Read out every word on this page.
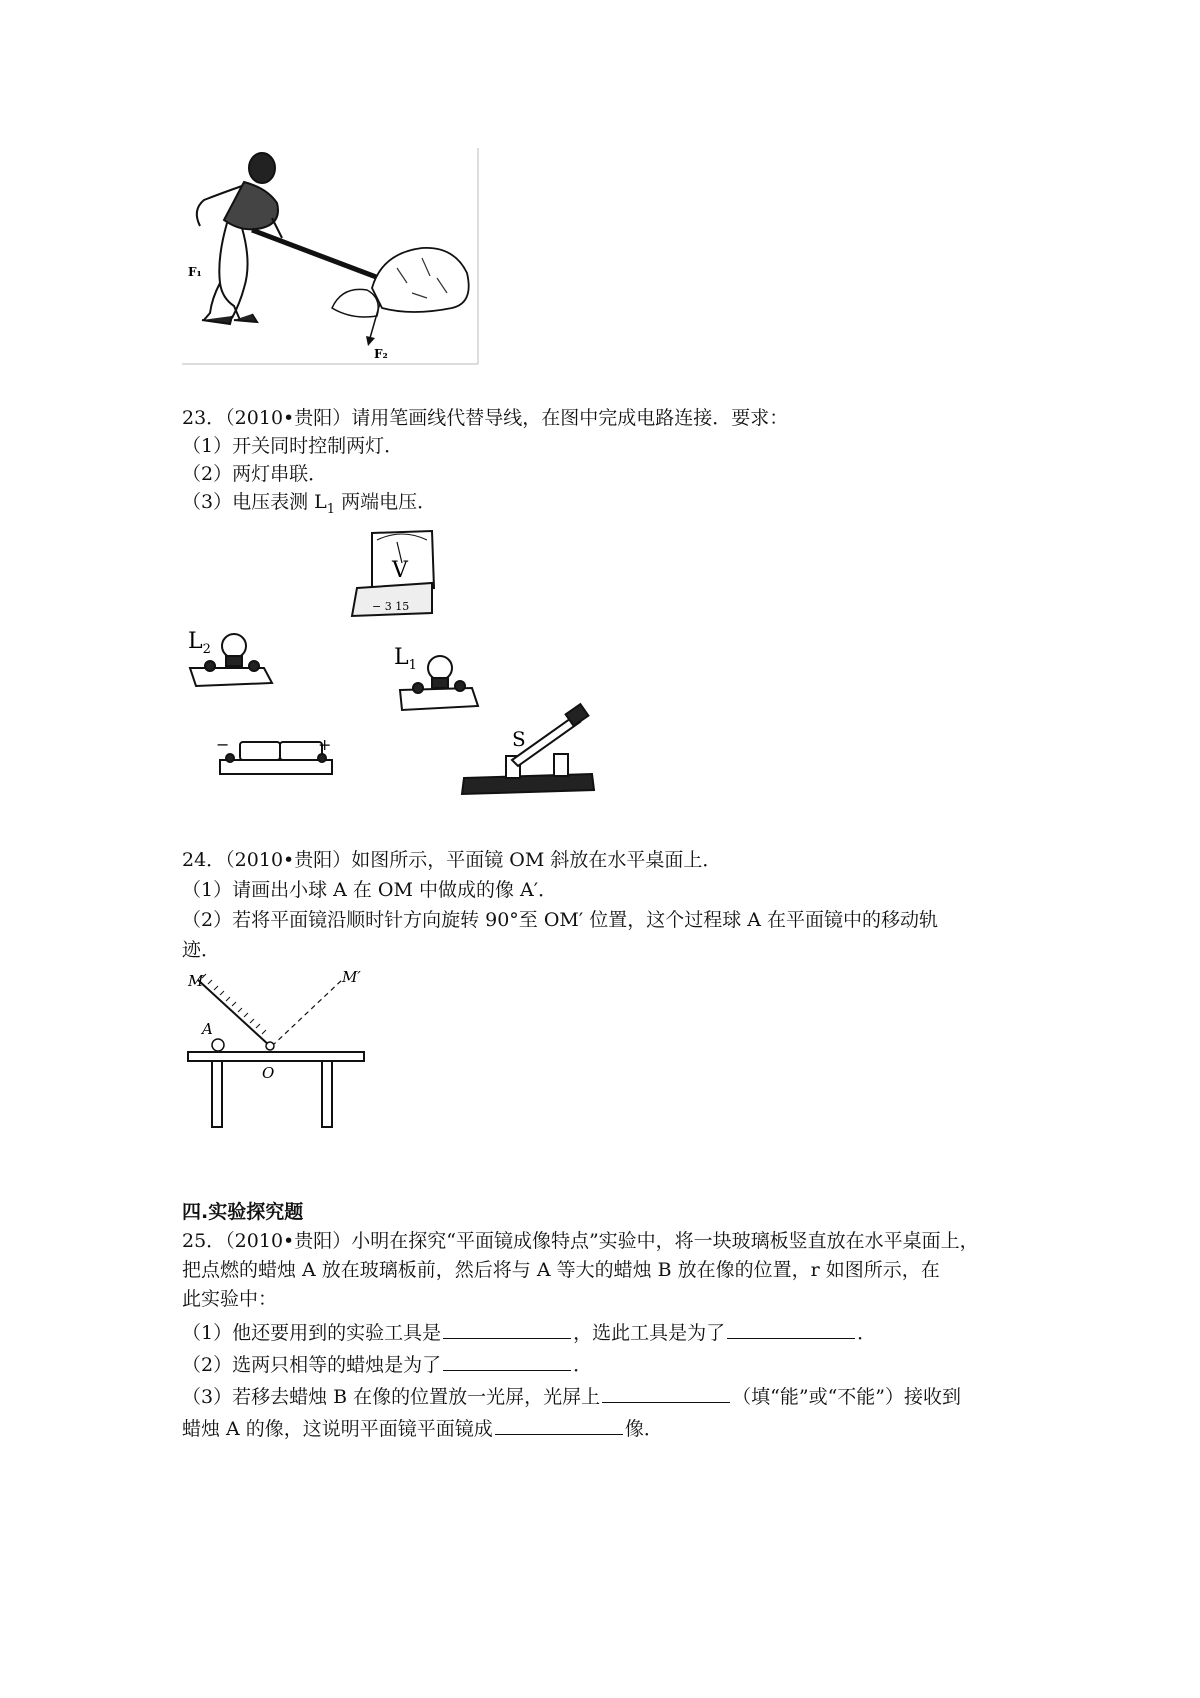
F₂
F₁
23．（2010•贵阳）请用笔画线代替导线，在图中完成电路连接．要求：
（1）开关同时控制两灯．
（2）两灯串联．
（3）电压表测 $L_1$ 两端电压．
V
− 3 15
$L_2$	$L_1$
−	+	S
24．（2010•贵阳）如图所示，平面镜 OM 斜放在水平桌面上．
（1）请画出小球 A 在 OM 中做成的像 A′．
（2）若将平面镜沿顺时针方向旋转 90°至 OM′ 位置，这个过程球 A 在平面镜中的移动轨
迹．
M	M′
A
O
四.实验探究题
25．（2010•贵阳）小明在探究“平面镜成像特点”实验中，将一块玻璃板竖直放在水平桌面上，
把点燃的蜡烛 A 放在玻璃板前，然后将与 A 等大的蜡烛 B 放在像的位置，r 如图所示，在
此实验中：
（1）他还要用到的实验工具是	，选此工具是为了	．
（2）选两只相等的蜡烛是为了	．
（3）若移去蜡烛 B 在像的位置放一光屏，光屏上	（填“能”或“不能”）接收到
蜡烛 A 的像，这说明平面镜平面镜成	像．
